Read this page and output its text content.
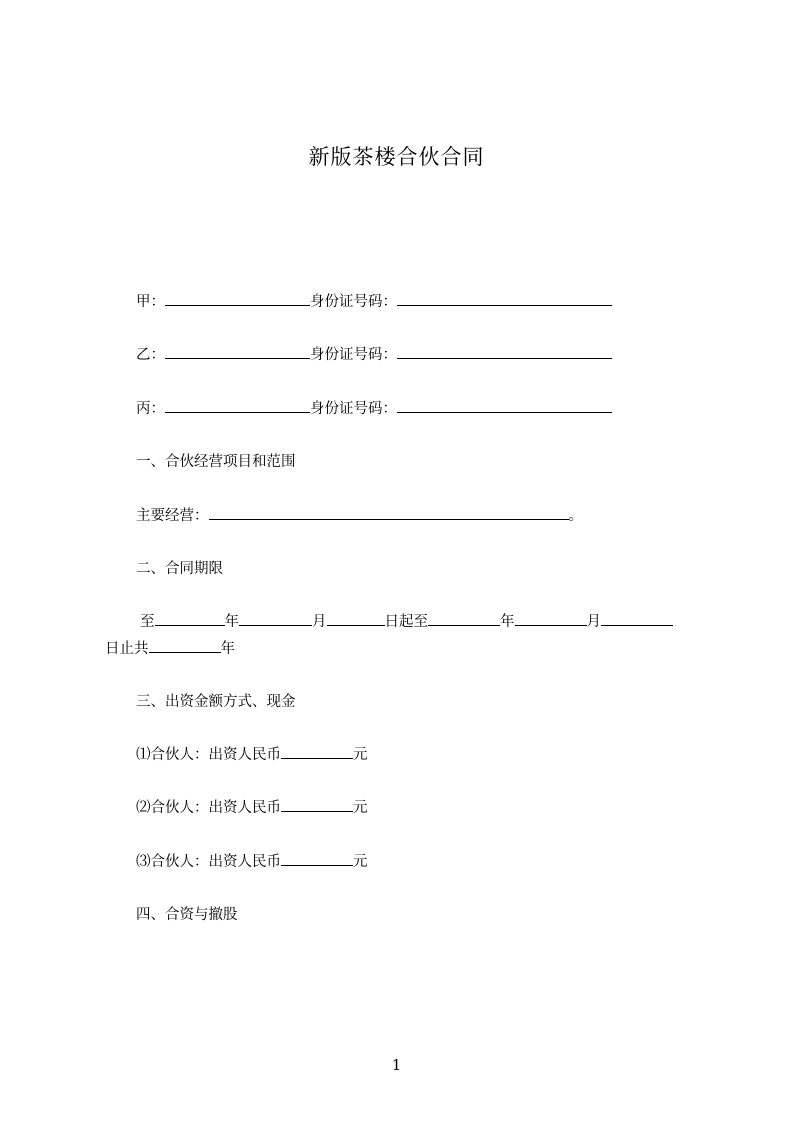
新版茶楼合伙合同
甲：	身份证号码：
乙：	身份证号码：
丙：	身份证号码：
一、合伙经营项目和范围
主要经营：	。
二、合同期限
至	年	月	日起至	年	月
日止共	年
三、出资金额方式、现金
⑴合伙人：出资人民币	元
⑵合伙人：出资人民币	元
⑶合伙人：出资人民币	元
四、合资与撤股
1
